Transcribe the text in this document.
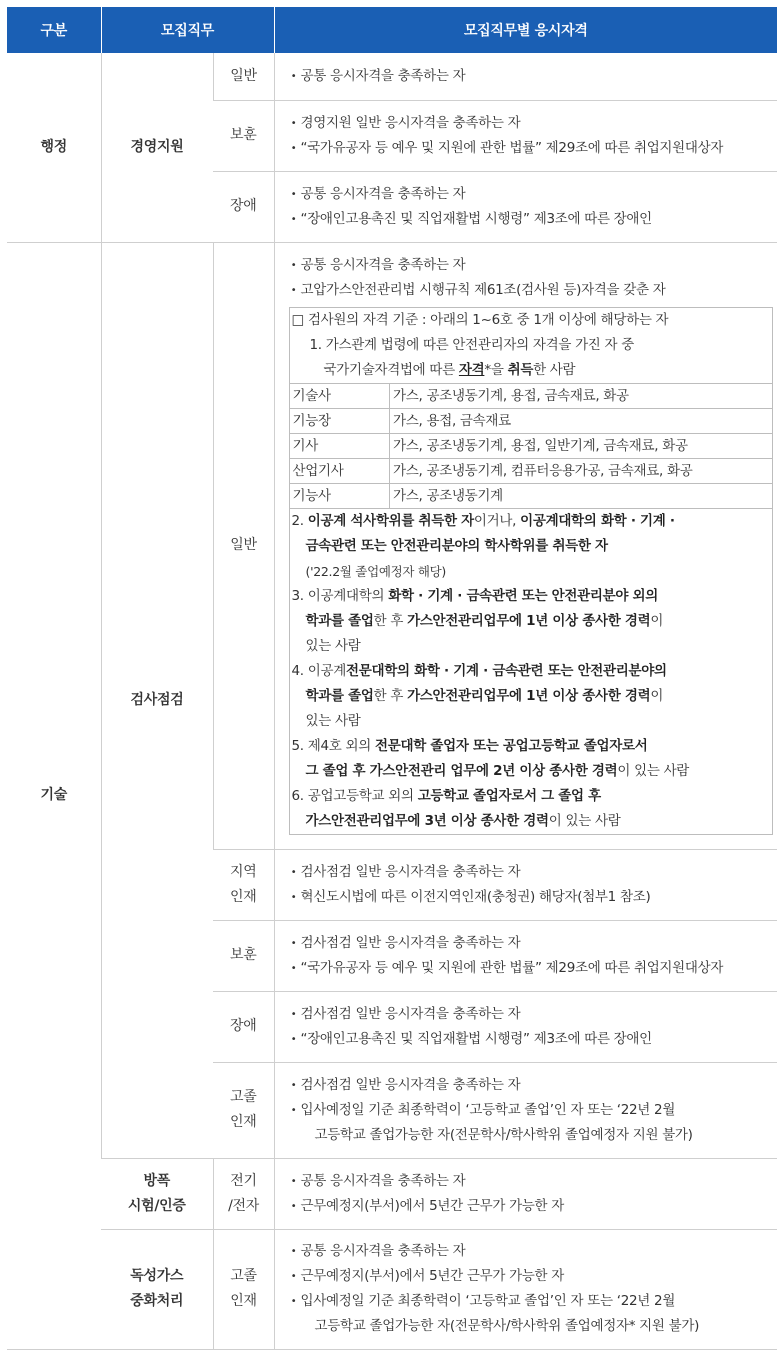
구분	모집직무	모집직무별 응시자격
행정	경영지원	일반	
•공통 응시자격을 충족하는 자

보훈	
• 경영지원 일반 응시자격을 충족하는 자
• “국가유공자 등 예우 및 지원에 관한 법률” 제29조에 따른 취업지원대상자

장애	
• 공통 응시자격을 충족하는 자
• “장애인고용촉진 및 직업재활법 시행령” 제3조에 따른 장애인

기술	검사점검	일반	
• 공통 응시자격을 충족하는 자
• 고압가스안전관리법 시행규칙 제61조(검사원 등)자격을 갖춘 자
□ 검사원의 자격 기준 : 아래의 1~6호 중 1개 이상에 해당하는 자
1. 가스관계 법령에 따른 안전관리자의 자격을 가진 자 중
국가기술자격법에 따른 자격*을 취득한 사람
기술사	가스, 공조냉동기계, 용접, 금속재료, 화공
기능장	가스, 용접, 금속재료
기사	가스, 공조냉동기계, 용접, 일반기계, 금속재료, 화공
산업기사	가스, 공조냉동기계, 컴퓨터응용가공, 금속재료, 화공
기능사	가스, 공조냉동기계
2. 이공계 석사학위를 취득한 자이거나, 이공계대학의 화학 · 기계 ·
금속관련 또는 안전관리분야의 학사학위를 취득한 자
('22.2월 졸업예정자 해당)
3. 이공계대학의 화학 · 기계 · 금속관련 또는 안전관리분야 외의
학과를 졸업한 후 가스안전관리업무에 1년 이상 종사한 경력이
있는 사람
4. 이공계전문대학의 화학 · 기계 · 금속관련 또는 안전관리분야의
학과를 졸업한 후 가스안전관리업무에 1년 이상 종사한 경력이
있는 사람
5. 제4호 외의 전문대학 졸업자 또는 공업고등학교 졸업자로서
그 졸업 후 가스안전관리 업무에 2년 이상 종사한 경력이 있는 사람
6. 공업고등학교 외의 고등학교 졸업자로서 그 졸업 후
가스안전관리업무에 3년 이상 종사한 경력이 있는 사람

지역
인재	
• 검사점검 일반 응시자격을 충족하는 자
• 혁신도시법에 따른 이전지역인재(충청권) 해당자(첨부1 참조)

보훈	
• 검사점검 일반 응시자격을 충족하는 자
• “국가유공자 등 예우 및 지원에 관한 법률” 제29조에 따른 취업지원대상자

장애	
• 검사점검 일반 응시자격을 충족하는 자
• “장애인고용촉진 및 직업재활법 시행령” 제3조에 따른 장애인

고졸
인재	
• 검사점검 일반 응시자격을 충족하는 자
• 입사예정일 기준 최종학력이 ‘고등학교 졸업’인 자 또는 ‘22년 2월
고등학교 졸업가능한 자(전문학사/학사학위 졸업예정자 지원 불가)

방폭
시험/인증	전기
/전자	
• 공통 응시자격을 충족하는 자
• 근무예정지(부서)에서 5년간 근무가 가능한 자

독성가스
중화처리	고졸
인재	
• 공통 응시자격을 충족하는 자
• 근무예정지(부서)에서 5년간 근무가 가능한 자
• 입사예정일 기준 최종학력이 ‘고등학교 졸업’인 자 또는 ‘22년 2월
고등학교 졸업가능한 자(전문학사/학사학위 졸업예정자* 지원 불가)
